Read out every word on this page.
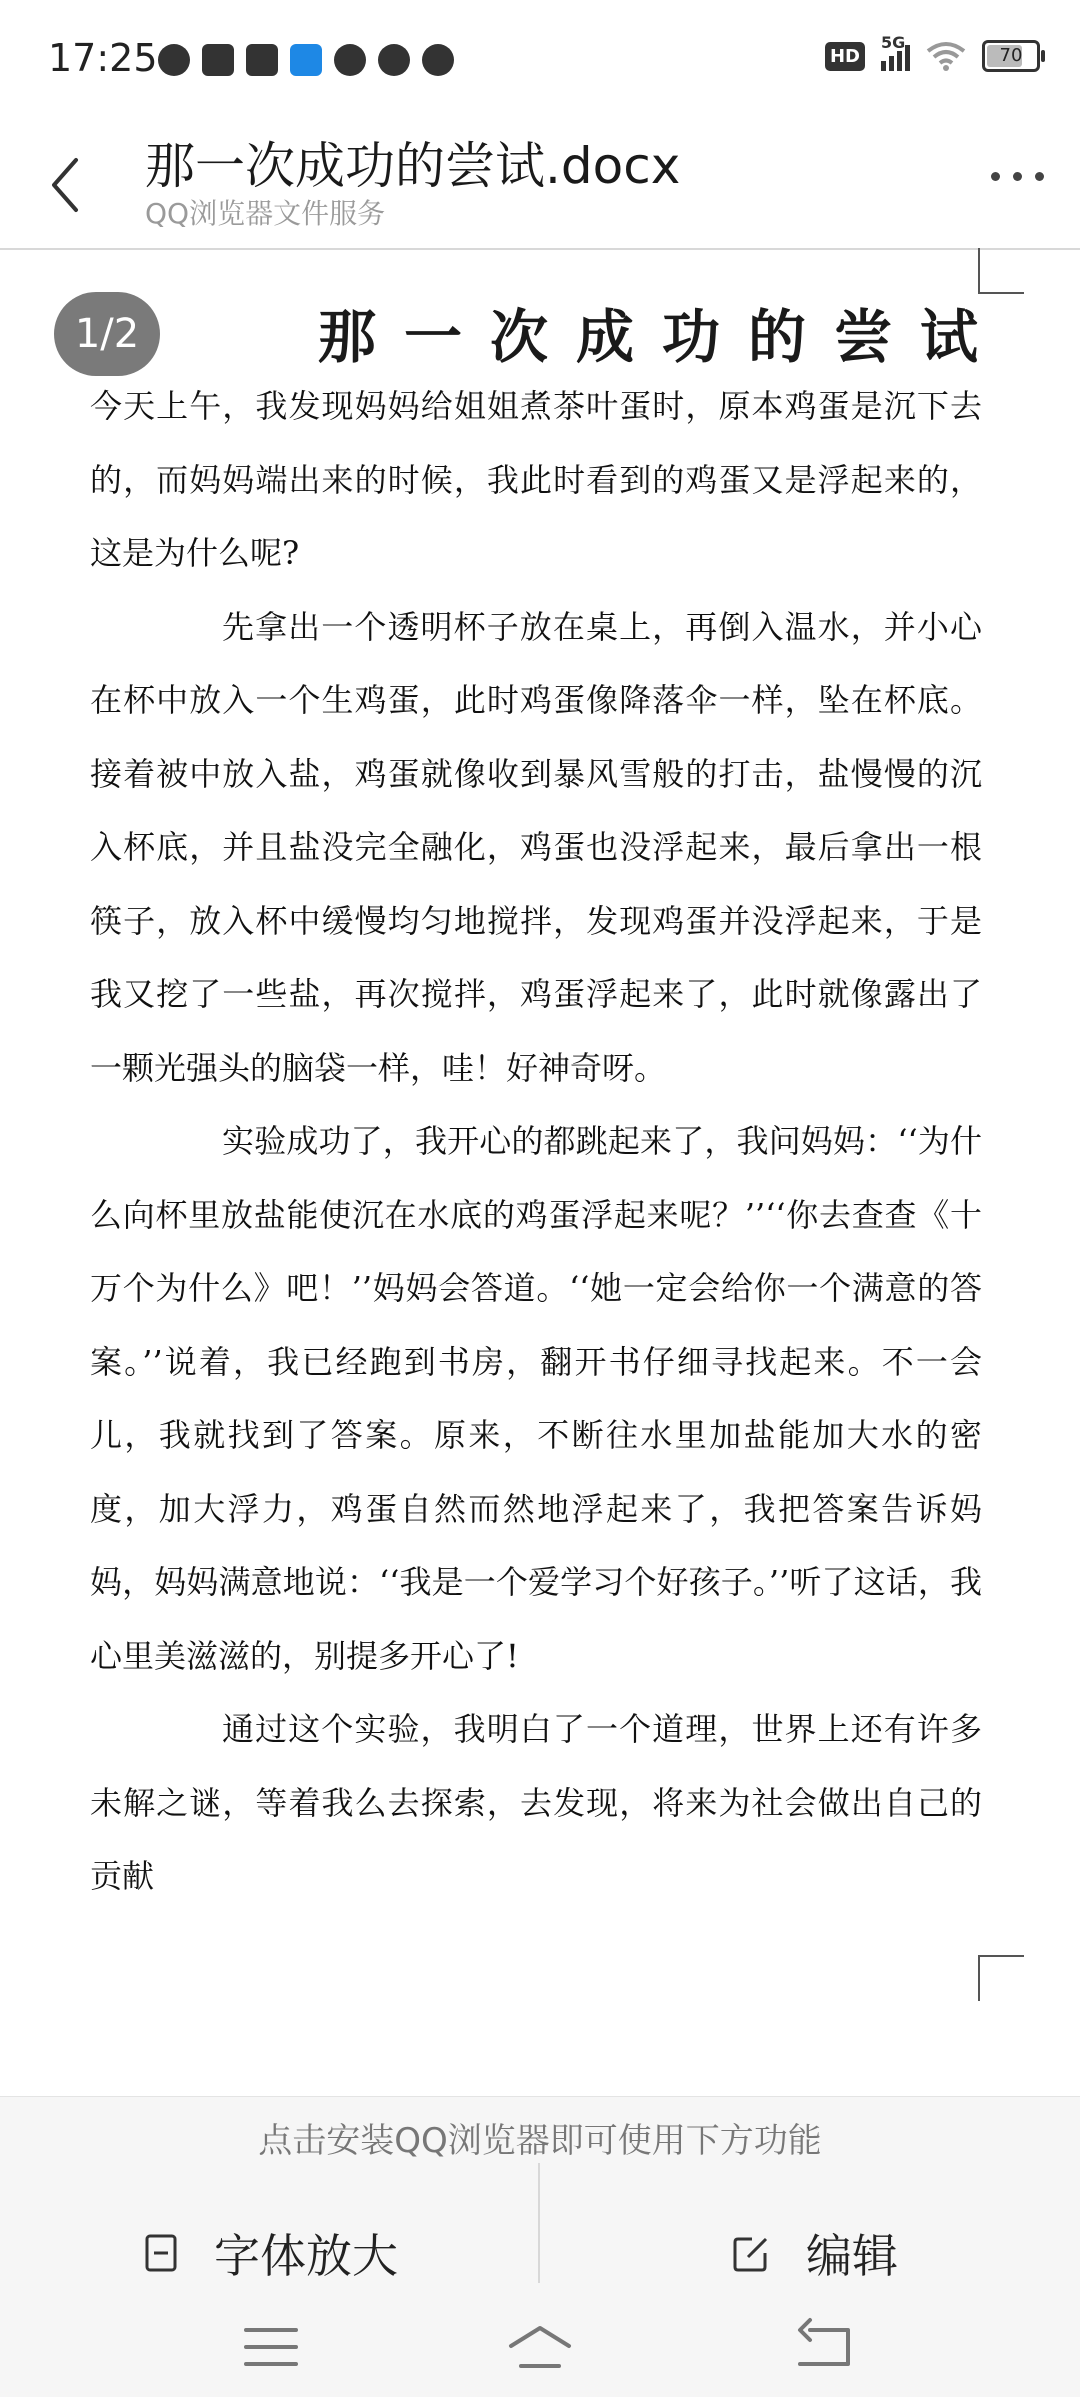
17:25	HD
5G
70
那一次成功的尝试.docx
QQ浏览器文件服务
1/2	那一次成功的尝试

今天上午，我发现妈妈给姐姐煮茶叶蛋时，原本鸡蛋是沉下去的，而妈妈端出来的时候，我此时看到的鸡蛋又是浮起来的，这是为什么呢?

先拿出一个透明杯子放在桌上，再倒入温水，并小心在杯中放入一个生鸡蛋，此时鸡蛋像降落伞一样，坠在杯底。接着被中放入盐，鸡蛋就像收到暴风雪般的打击，盐慢慢的沉入杯底，并且盐没完全融化，鸡蛋也没浮起来，最后拿出一根筷子，放入杯中缓慢均匀地搅拌，发现鸡蛋并没浮起来，于是我又挖了一些盐，再次搅拌，鸡蛋浮起来了，此时就像露出了一颗光强头的脑袋一样，哇！好神奇呀。

实验成功了，我开心的都跳起来了，我问妈妈：‘‘为什么向杯里放盐能使沉在水底的鸡蛋浮起来呢？’’‘‘你去查查《十万个为什么》吧！’’妈妈会答道。‘‘她一定会给你一个满意的答案。’’说着，我已经跑到书房，翻开书仔细寻找起来。不一会儿，我就找到了答案。原来，不断往水里加盐能加大水的密度，加大浮力，鸡蛋自然而然地浮起来了，我把答案告诉妈妈，妈妈满意地说：‘‘我是一个爱学习个好孩子。’’听了这话，我心里美滋滋的，别提多开心了!

通过这个实验，我明白了一个道理，世界上还有许多未解之谜，等着我么去探索，去发现，将来为社会做出自己的贡献

点击安装QQ浏览器即可使用下方功能
字体放大	编辑
